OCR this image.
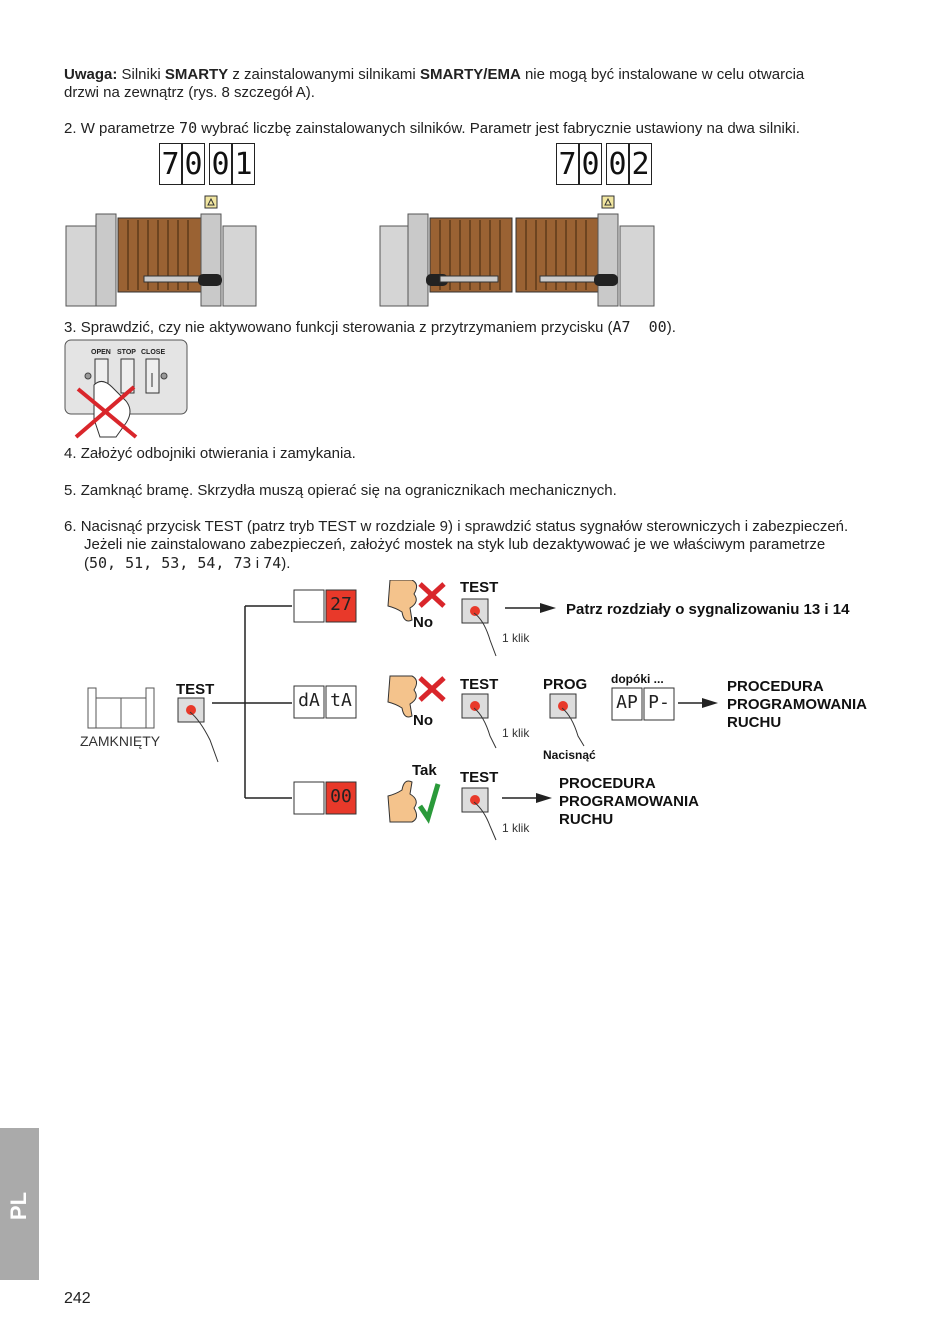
Uwaga: Silniki SMARTY z zainstalowanymi silnikami SMARTY/EMA nie mogą być instalowane w celu otwarcia
drzwi na zewnątrz (rys. 8 szczegół A).
2. W parametrze 70 wybrać liczbę zainstalowanych silników. Parametr jest fabrycznie ustawiony na dwa silniki.
7 0 0 1	7 0 0 2
3. Sprawdzić, czy nie aktywowano funkcji sterowania z przytrzymaniem przycisku (A7  00).
OPEN STOP CLOSE
4. Założyć odbojniki otwierania i zamykania.
5. Zamknąć bramę. Skrzydła muszą opierać się na ogranicznikach mechanicznych.
6. Nacisnąć przycisk TEST (patrz tryb TEST w rozdziale 9) i sprawdzić status sygnałów sterowniczych i zabezpieczeń.
Jeżeli nie zainstalowano zabezpieczeń, założyć mostek na styk lub dezaktywować je we właściwym parametrze
(50, 51, 53, 54, 73 i 74).
ZAMKNIĘTY
TEST
27
No
TEST
1 klik
Patrz rozdziały o sygnalizowaniu 13 i 14
dA tA
No
TEST
1 klik
PROG
Nacisnąć
dopóki ...
AP P-
PROCEDURA
PROGRAMOWANIA
RUCHU
00
Tak TEST
1 klik
PROCEDURA
PROGRAMOWANIA
RUCHU
PL
242
